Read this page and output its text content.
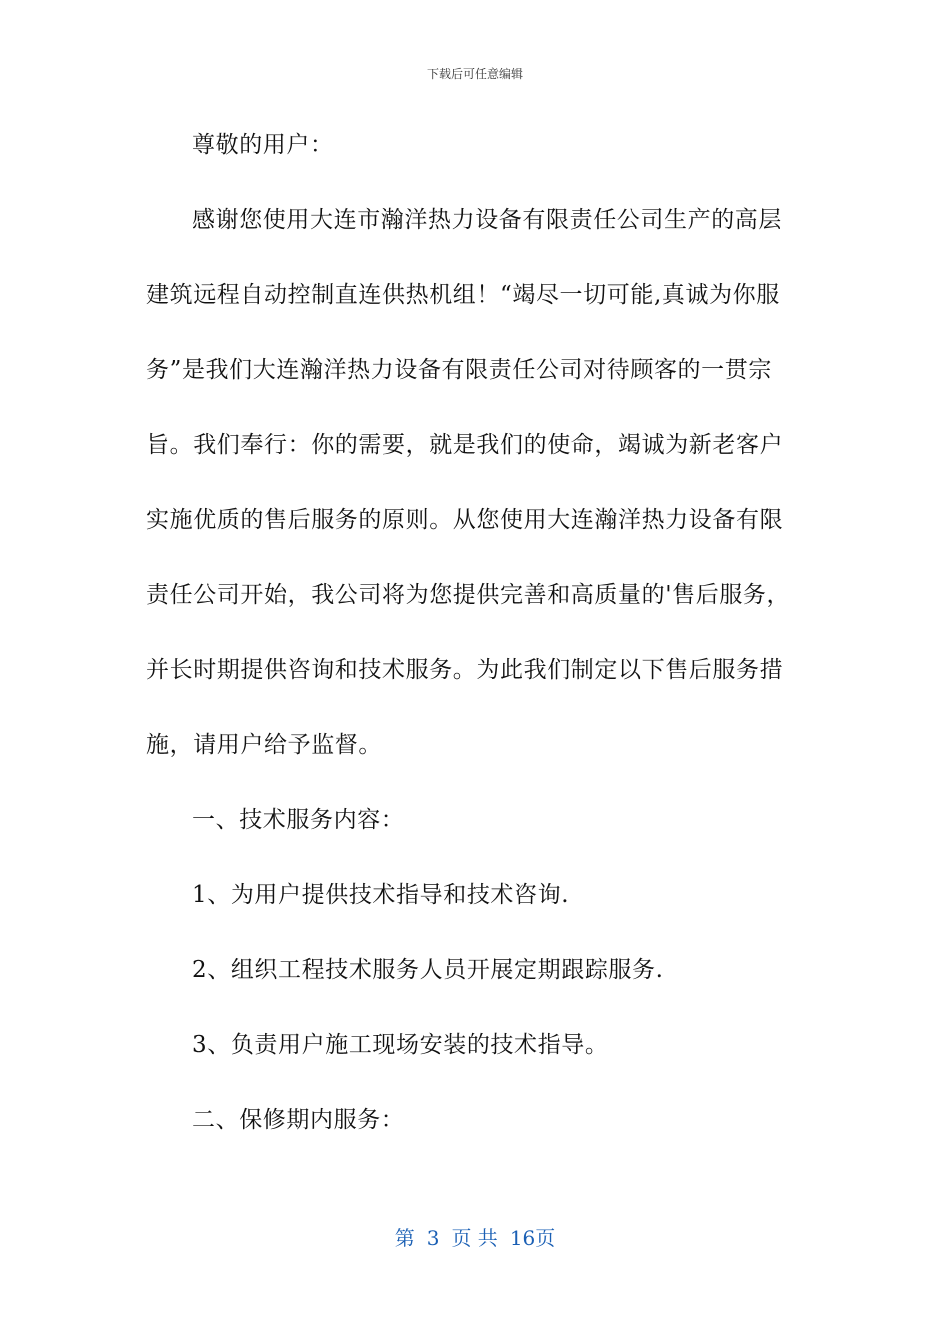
下载后可任意编辑
尊敬的用户：
感谢您使用大连市瀚洋热力设备有限责任公司生产的高层
建筑远程自动控制直连供热机组！“竭尽一切可能,真诚为你服
务”是我们大连瀚洋热力设备有限责任公司对待顾客的一贯宗
旨。我们奉行：你的需要，就是我们的使命，竭诚为新老客户
实施优质的售后服务的原则。从您使用大连瀚洋热力设备有限
责任公司开始，我公司将为您提供完善和高质量的'售后服务，
并长时期提供咨询和技术服务。为此我们制定以下售后服务措
施，请用户给予监督。
一、技术服务内容：
1、为用户提供技术指导和技术咨询.
2、组织工程技术服务人员开展定期跟踪服务.
3、负责用户施工现场安装的技术指导。
二、保修期内服务：
第 3 页 共 16页
